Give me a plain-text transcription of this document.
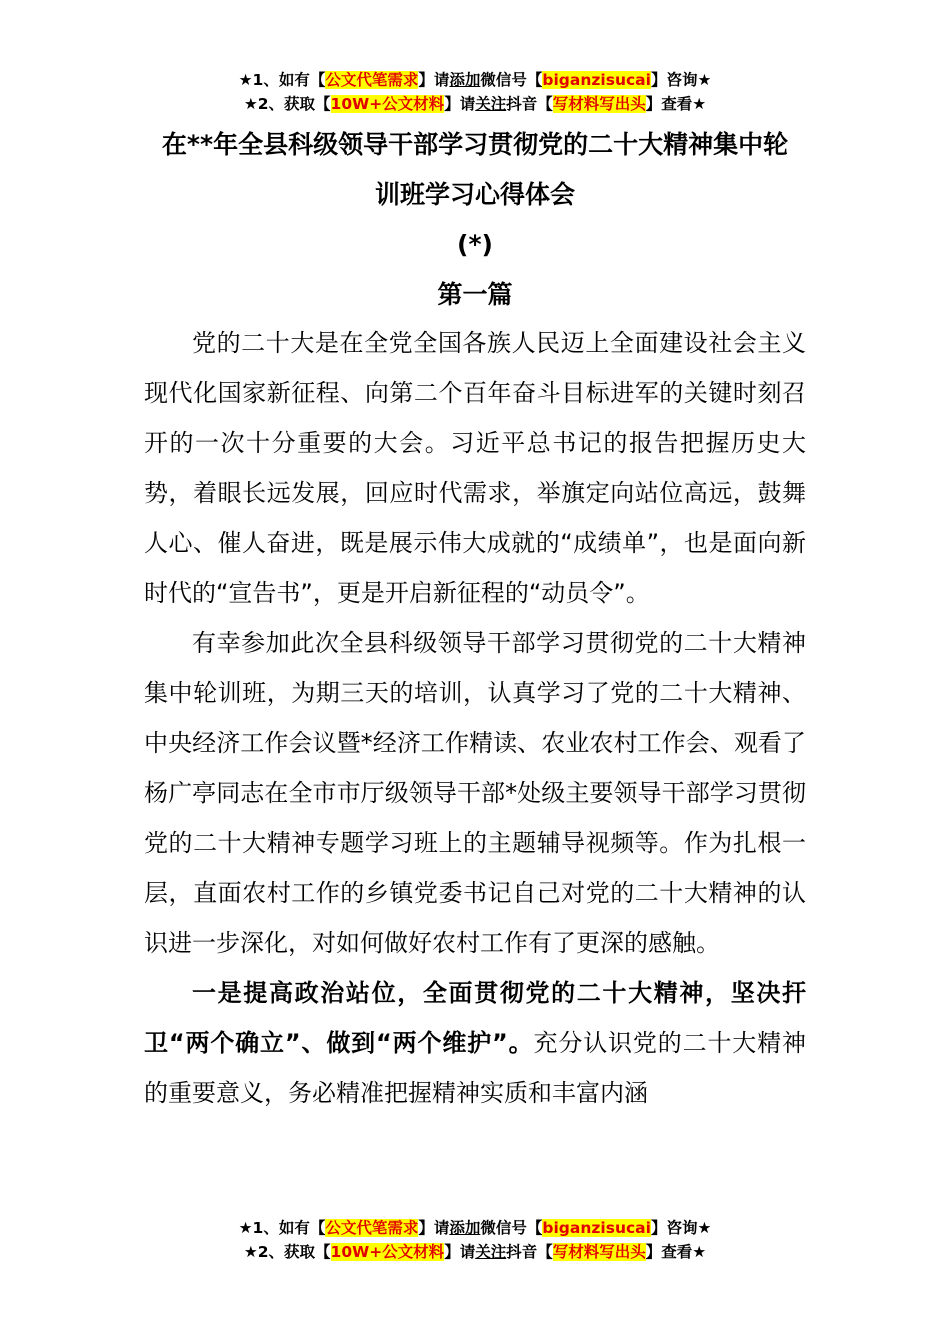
★1、如有【公文代笔需求】请添加微信号【biganzisucai】咨询★
★2、获取【10W+公文材料】请关注抖音【写材料写出头】查看★
在**年全县科级领导干部学习贯彻党的二十大精神集中轮
训班学习心得体会
(*)
第一篇

党的二十大是在全党全国各族人民迈上全面建设社会主义现代化国家新征程、向第二个百年奋斗目标进军的关键时刻召开的一次十分重要的大会。习近平总书记的报告把握历史大势，着眼长远发展，回应时代需求，举旗定向站位高远，鼓舞人心、催人奋进，既是展示伟大成就的“成绩单”，也是面向新时代的“宣告书”，更是开启新征程的“动员令”。

有幸参加此次全县科级领导干部学习贯彻党的二十大精神集中轮训班，为期三天的培训，认真学习了党的二十大精神、中央经济工作会议暨*经济工作精读、农业农村工作会、观看了杨广亭同志在全市市厅级领导干部*处级主要领导干部学习贯彻党的二十大精神专题学习班上的主题辅导视频等。作为扎根一层，直面农村工作的乡镇党委书记自己对党的二十大精神的认识进一步深化，对如何做好农村工作有了更深的感触。

一是提高政治站位，全面贯彻党的二十大精神，坚决扞卫“两个确立”、做到“两个维护”。充分认识党的二十大精神的重要意义，务必精准把握精神实质和丰富内涵

★1、如有【公文代笔需求】请添加微信号【biganzisucai】咨询★
★2、获取【10W+公文材料】请关注抖音【写材料写出头】查看★
